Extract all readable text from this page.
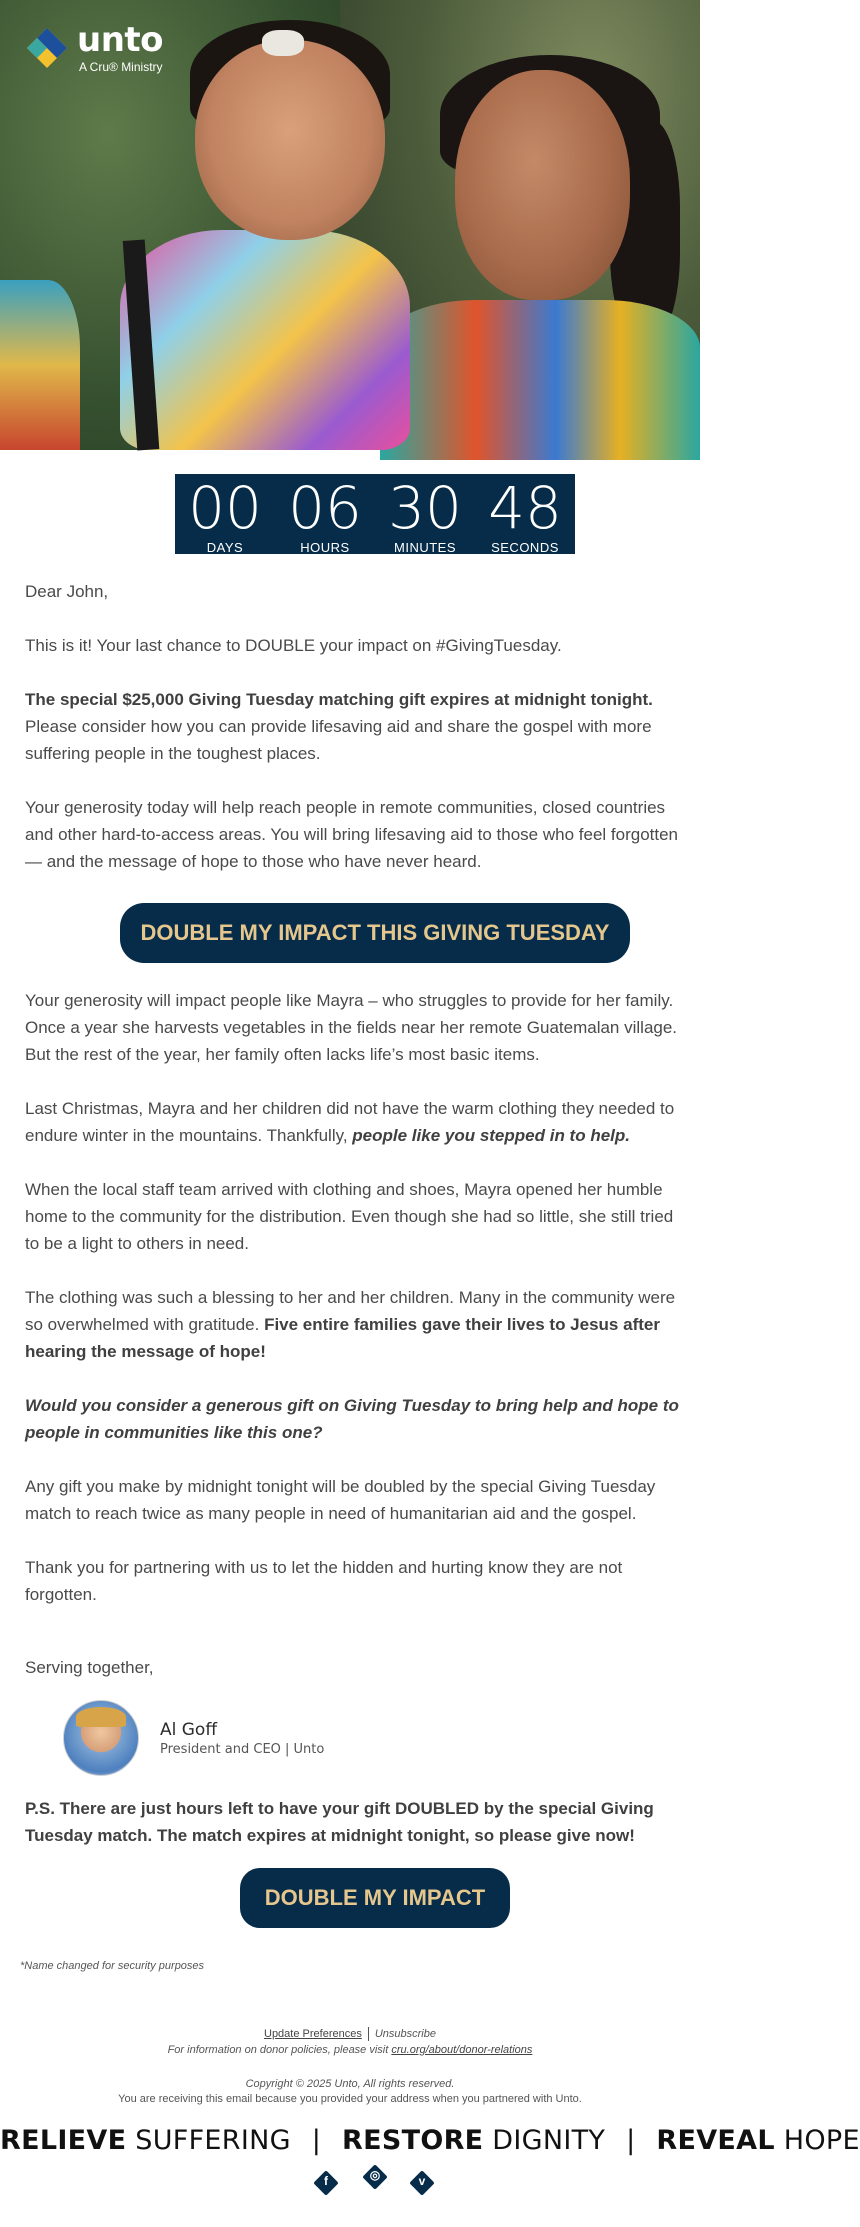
unto
A Cru® Ministry
00
DAYS
06
HOURS
30
MINUTES
48
SECONDS

Dear John,

This is it! Your last chance to DOUBLE your impact on #GivingTuesday.

The special $25,000 Giving Tuesday matching gift expires at midnight tonight.

Please consider how you can provide lifesaving aid and share the gospel with more

suffering people in the toughest places.

Your generosity today will help reach people in remote communities, closed countries

and other hard-to-access areas. You will bring lifesaving aid to those who feel forgotten

— and the message of hope to those who have never heard.

DOUBLE MY IMPACT THIS GIVING TUESDAY

Your generosity will impact people like Mayra – who struggles to provide for her family.

Once a year she harvests vegetables in the fields near her remote Guatemalan village.

But the rest of the year, her family often lacks life’s most basic items.

Last Christmas, Mayra and her children did not have the warm clothing they needed to

endure winter in the mountains. Thankfully, people like you stepped in to help.

When the local staff team arrived with clothing and shoes, Mayra opened her humble

home to the community for the distribution. Even though she had so little, she still tried

to be a light to others in need.

The clothing was such a blessing to her and her children. Many in the community were

so overwhelmed with gratitude. Five entire families gave their lives to Jesus after

hearing the message of hope!

Would you consider a generous gift on Giving Tuesday to bring help and hope to

people in communities like this one?

Any gift you make by midnight tonight will be doubled by the special Giving Tuesday

match to reach twice as many people in need of humanitarian aid and the gospel.

Thank you for partnering with us to let the hidden and hurting know they are not

forgotten.

Serving together,

Al Goff
President and CEO | Unto

P.S. There are just hours left to have your gift DOUBLED by the special Giving

Tuesday match. The match expires at midnight tonight, so please give now!

DOUBLE MY IMPACT
*Name changed for security purposes
Update Preferences Unsubscribe
For information on donor policies, please visit cru.org/about/donor-relations
Copyright © 2025 Unto, All rights reserved.
You are receiving this email because you provided your address when you partnered with Unto.
RELIEVE SUFFERING | RESTORE DIGNITY | REVEAL HOPE
f	◎	v
